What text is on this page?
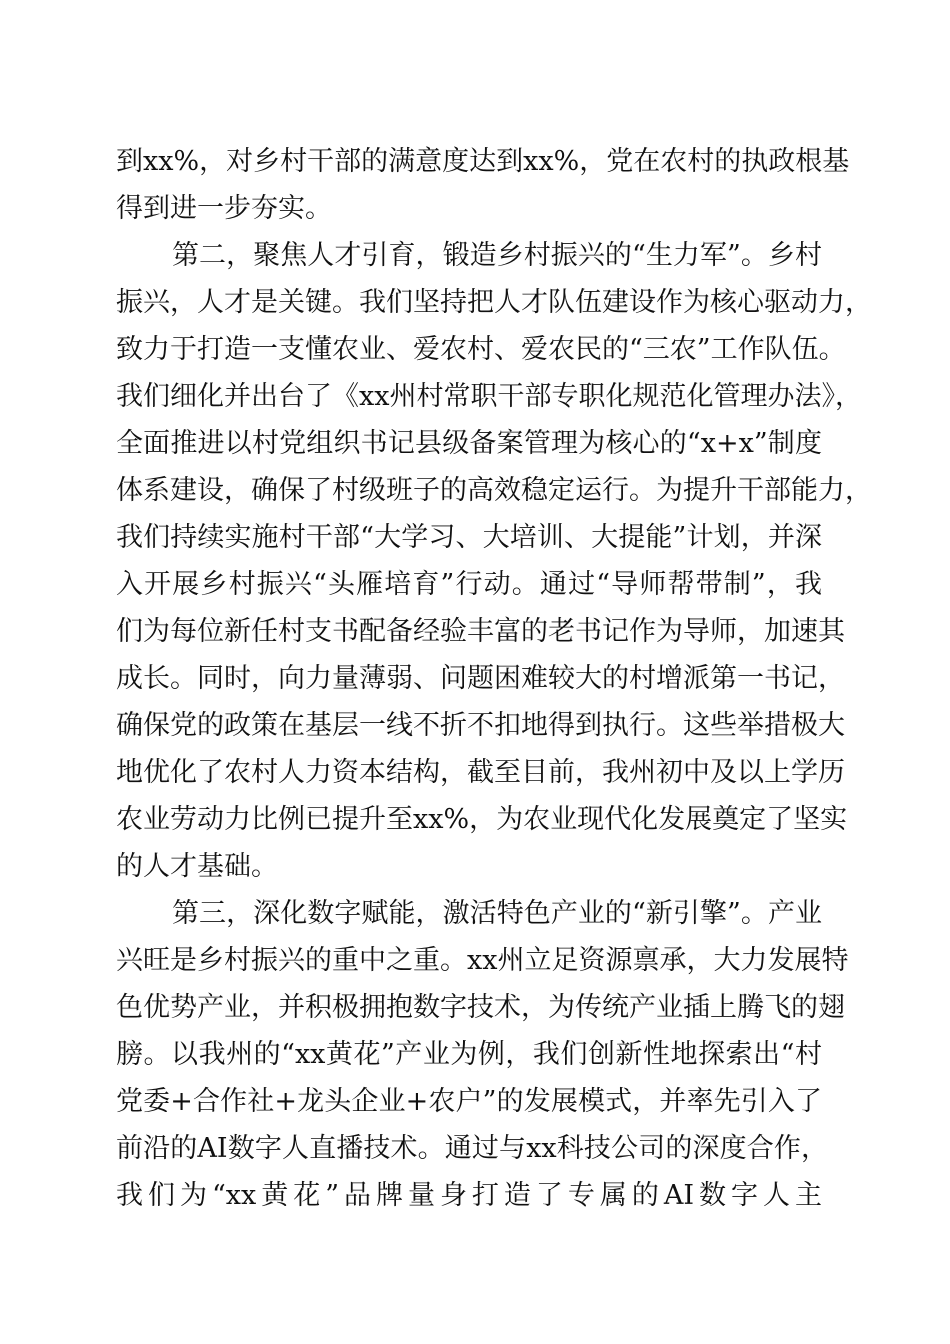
到xx%，对乡村干部的满意度达到xx%，党在农村的执政根基
得到进一步夯实。
第二，聚焦人才引育，锻造乡村振兴的“生力军”。乡村
振兴，人才是关键。我们坚持把人才队伍建设作为核心驱动力，
致力于打造一支懂农业、爱农村、爱农民的“三农”工作队伍。
我们细化并出台了《xx州村常职干部专职化规范化管理办法》，
全面推进以村党组织书记县级备案管理为核心的“x+x”制度
体系建设，确保了村级班子的高效稳定运行。为提升干部能力，
我们持续实施村干部“大学习、大培训、大提能”计划，并深
入开展乡村振兴“头雁培育”行动。通过“导师帮带制”，我
们为每位新任村支书配备经验丰富的老书记作为导师，加速其
成长。同时，向力量薄弱、问题困难较大的村增派第一书记，
确保党的政策在基层一线不折不扣地得到执行。这些举措极大
地优化了农村人力资本结构，截至目前，我州初中及以上学历
农业劳动力比例已提升至xx%，为农业现代化发展奠定了坚实
的人才基础。
第三，深化数字赋能，激活特色产业的“新引擎”。产业
兴旺是乡村振兴的重中之重。xx州立足资源禀承，大力发展特
色优势产业，并积极拥抱数字技术，为传统产业插上腾飞的翅
膀。以我州的“xx黄花”产业为例，我们创新性地探索出“村
党委+合作社+龙头企业+农户”的发展模式，并率先引入了
前沿的AI数字人直播技术。通过与xx科技公司的深度合作，
我们为“xx黄花”品牌量身打造了专属的AI数字人主
